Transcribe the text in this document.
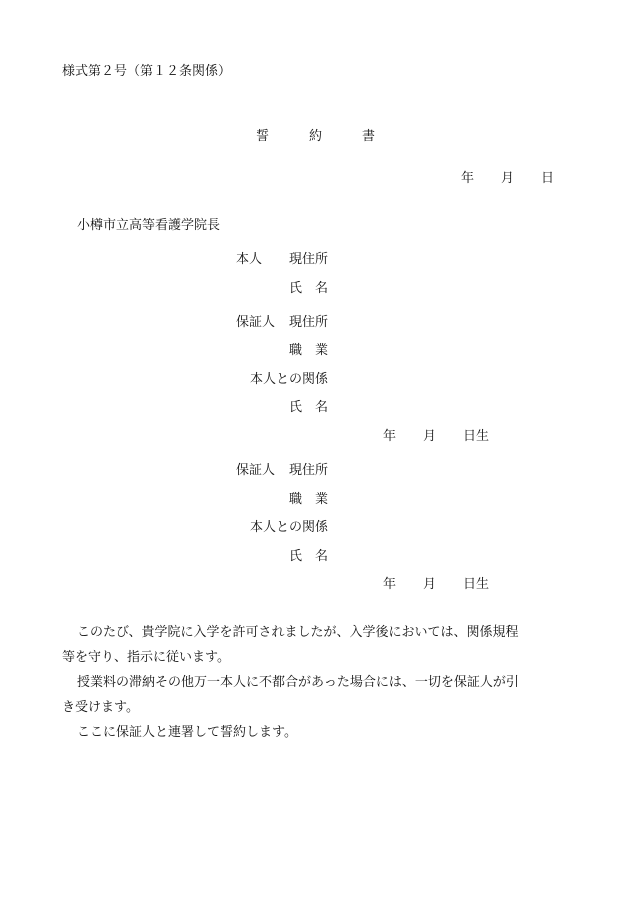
様式第２号（第１２条関係）
誓	約	書
年 月 日
小樽市立高等看護学院長
本人 現住所
氏　名
保証人 現住所
職　業
本人との関係
氏　名
年 月 日生
保証人 現住所
職　業
本人との関係
氏　名
年 月 日生
このたび、貴学院に入学を許可されましたが、入学後においては、関係規程
等を守り、指示に従います。
授業料の滞納その他万一本人に不都合があった場合には、一切を保証人が引
き受けます。
ここに保証人と連署して誓約します。
